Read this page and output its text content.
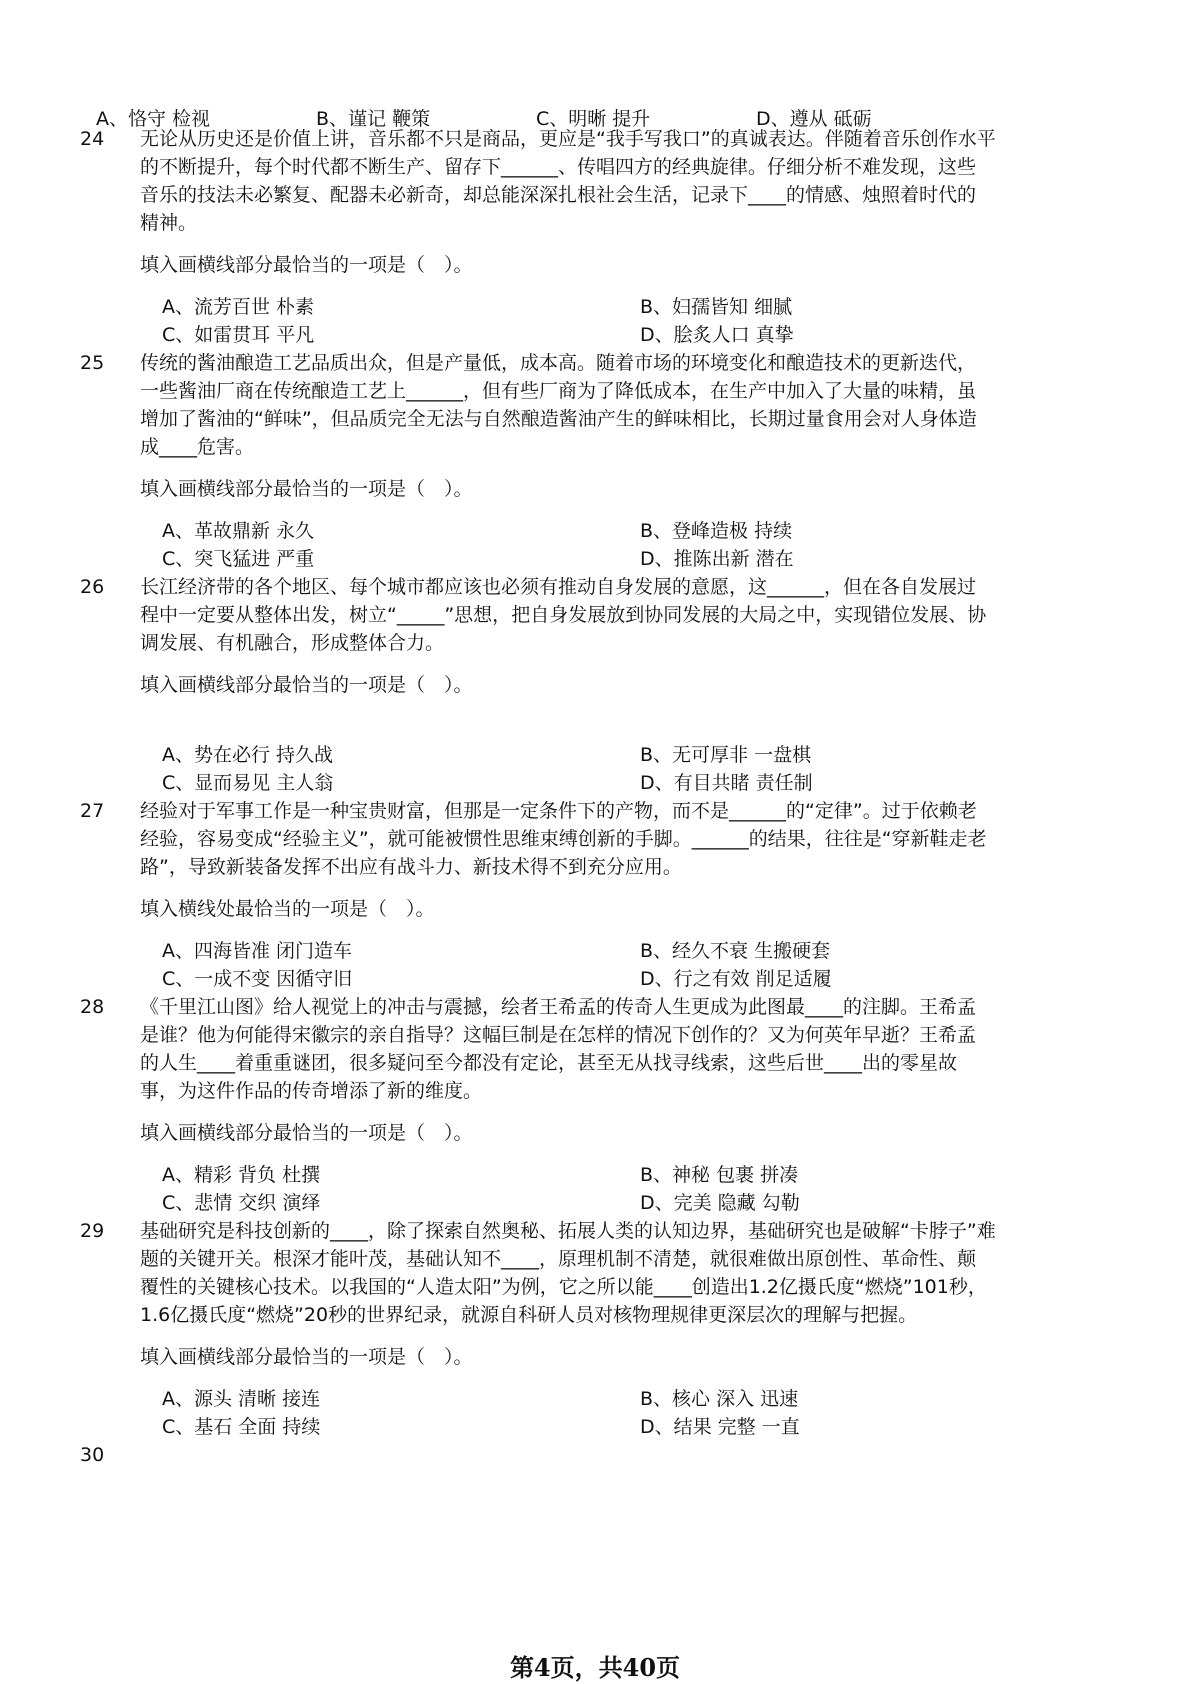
A、恪守 检视	B、谨记 鞭策	C、明晰 提升	D、遵从 砥砺
24 无论从历史还是价值上讲，音乐都不只是商品，更应是“我手写我口”的真诚表达。伴随着音乐创作水平
的不断提升，每个时代都不断生产、留存下______、传唱四方的经典旋律。仔细分析不难发现，这些
音乐的技法未必繁复、配器未必新奇，却总能深深扎根社会生活，记录下____的情感、烛照着时代的
精神。
填入画横线部分最恰当的一项是（　）。
A、流芳百世 朴素	B、妇孺皆知 细腻
C、如雷贯耳 平凡	D、脍炙人口 真挚
25 传统的酱油酿造工艺品质出众，但是产量低，成本高。随着市场的环境变化和酿造技术的更新迭代，
一些酱油厂商在传统酿造工艺上______，但有些厂商为了降低成本，在生产中加入了大量的味精，虽
增加了酱油的“鲜味”，但品质完全无法与自然酿造酱油产生的鲜味相比，长期过量食用会对人身体造
成____危害。
填入画横线部分最恰当的一项是（　）。
A、革故鼎新 永久	B、登峰造极 持续
C、突飞猛进 严重	D、推陈出新 潜在
26 长江经济带的各个地区、每个城市都应该也必须有推动自身发展的意愿，这______，但在各自发展过
程中一定要从整体出发，树立“_____”思想，把自身发展放到协同发展的大局之中，实现错位发展、协
调发展、有机融合，形成整体合力。
填入画横线部分最恰当的一项是（　）。
A、势在必行 持久战	B、无可厚非 一盘棋
C、显而易见 主人翁	D、有目共睹 责任制
27 经验对于军事工作是一种宝贵财富，但那是一定条件下的产物，而不是______的“定律”。过于依赖老
经验，容易变成“经验主义”，就可能被惯性思维束缚创新的手脚。______的结果，往往是“穿新鞋走老
路”，导致新装备发挥不出应有战斗力、新技术得不到充分应用。
填入横线处最恰当的一项是（　）。
A、四海皆准 闭门造车	B、经久不衰 生搬硬套
C、一成不变 因循守旧	D、行之有效 削足适履
28 《千里江山图》给人视觉上的冲击与震撼，绘者王希孟的传奇人生更成为此图最____的注脚。王希孟
是谁？他为何能得宋徽宗的亲自指导？这幅巨制是在怎样的情况下创作的？又为何英年早逝？王希孟
的人生____着重重谜团，很多疑问至今都没有定论，甚至无从找寻线索，这些后世____出的零星故
事，为这件作品的传奇增添了新的维度。
填入画横线部分最恰当的一项是（　）。
A、精彩 背负 杜撰	B、神秘 包裹 拼凑
C、悲情 交织 演绎	D、完美 隐藏 勾勒
29 基础研究是科技创新的____，除了探索自然奥秘、拓展人类的认知边界，基础研究也是破解“卡脖子”难
题的关键开关。根深才能叶茂，基础认知不____，原理机制不清楚，就很难做出原创性、革命性、颠
覆性的关键核心技术。以我国的“人造太阳”为例，它之所以能____创造出1.2亿摄氏度“燃烧”101秒，
1.6亿摄氏度“燃烧”20秒的世界纪录，就源自科研人员对核物理规律更深层次的理解与把握。
填入画横线部分最恰当的一项是（　）。
A、源头 清晰 接连	B、核心 深入 迅速
C、基石 全面 持续	D、结果 完整 一直
30
第4页，共40页
